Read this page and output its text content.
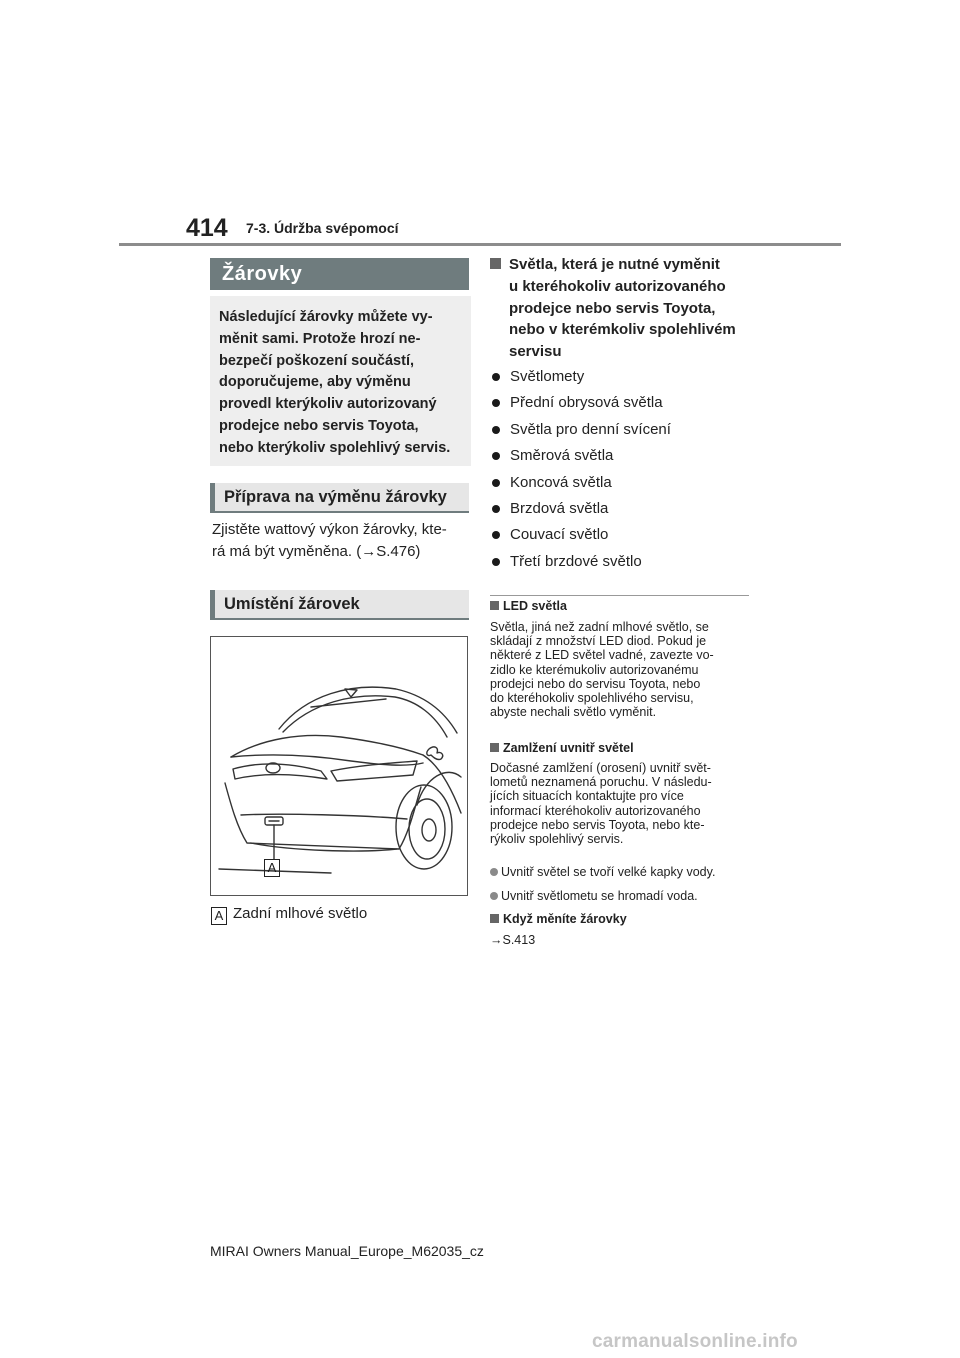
414 7-3. Údržba svépomocí
Žárovky
Následující žárovky můžete vy-
měnit sami. Protože hrozí ne-
bezpečí poškození součástí,
doporučujeme, aby výměnu
provedl kterýkoliv autorizovaný
prodejce nebo servis Toyota,
nebo kterýkoliv spolehlivý servis.
Příprava na výměnu žárovky
Zjistěte wattový výkon žárovky, kte-
rá má být vyměněna. (→S.476)
Umístění žárovek
A
A Zadní mlhové světlo
Světla, která je nutné vyměnit
u kteréhokoliv autorizovaného
prodejce nebo servis Toyota,
nebo v kterémkoliv spolehlivém
servisu
Světlomety
Přední obrysová světla
Světla pro denní svícení
Směrová světla
Koncová světla
Brzdová světla
Couvací světlo
Třetí brzdové světlo
LED světla
Světla, jiná než zadní mlhové světlo, se
skládají z množství LED diod. Pokud je
některé z LED světel vadné, zavezte vo-
zidlo ke kterémukoliv autorizovanému
prodejci nebo do servisu Toyota, nebo
do kteréhokoliv spolehlivého servisu,
abyste nechali světlo vyměnit.
Zamlžení uvnitř světel
Dočasné zamlžení (orosení) uvnitř svět-
lometů neznamená poruchu. V následu-
jících situacích kontaktujte pro více
informací kteréhokoliv autorizovaného
prodejce nebo servis Toyota, nebo kte-
rýkoliv spolehlivý servis.
Uvnitř světel se tvoří velké kapky vody.
Uvnitř světlometu se hromadí voda.
Když měníte žárovky
→S.413
MIRAI Owners Manual_Europe_M62035_cz
carmanualsonline.info
